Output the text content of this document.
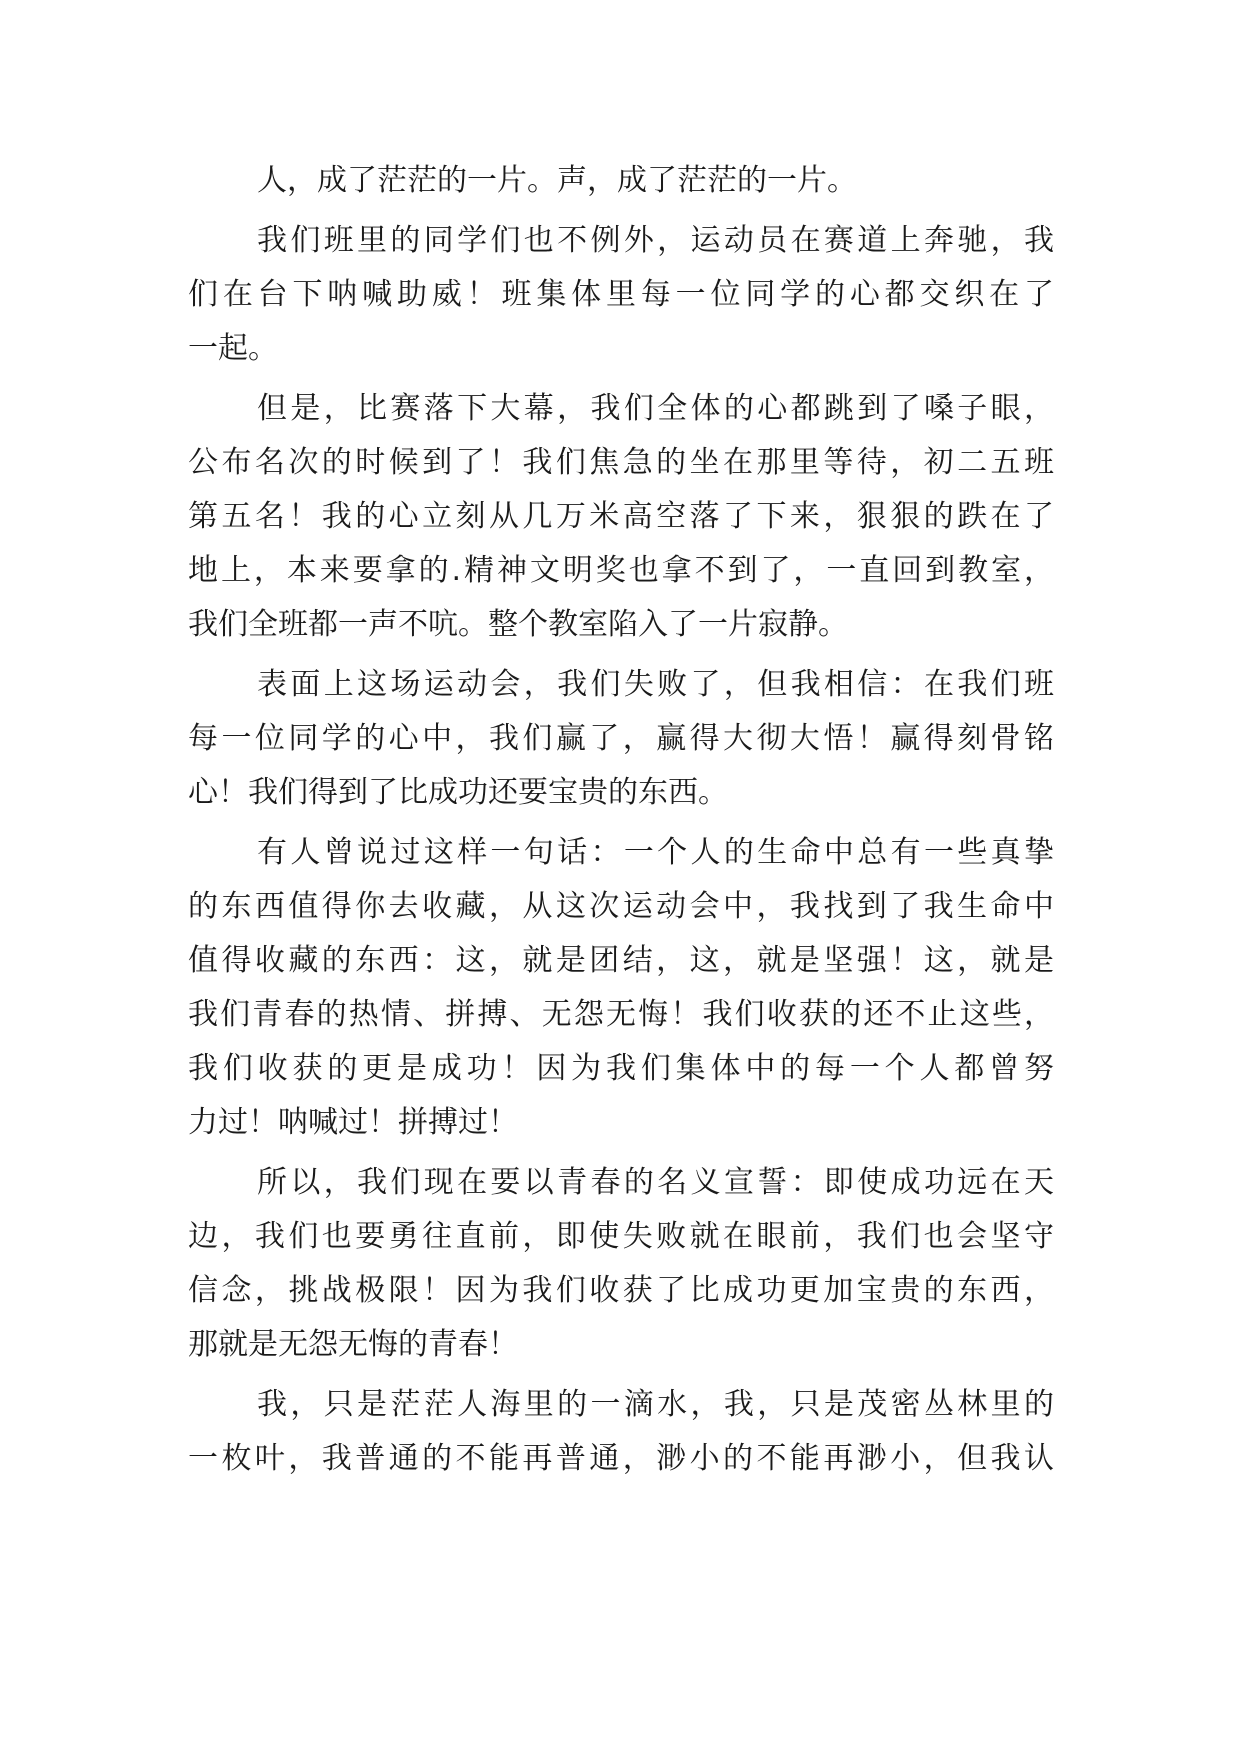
人，成了茫茫的一片。声，成了茫茫的一片。
我们班里的同学们也不例外，运动员在赛道上奔驰，我
们在台下呐喊助威！班集体里每一位同学的心都交织在了
一起。
但是，比赛落下大幕，我们全体的心都跳到了嗓子眼，
公布名次的时候到了！我们焦急的坐在那里等待，初二五班
第五名！我的心立刻从几万米高空落了下来，狠狠的跌在了
地上，本来要拿的.精神文明奖也拿不到了，一直回到教室，
我们全班都一声不吭。整个教室陷入了一片寂静。
表面上这场运动会，我们失败了，但我相信：在我们班
每一位同学的心中，我们赢了，赢得大彻大悟！赢得刻骨铭
心！我们得到了比成功还要宝贵的东西。
有人曾说过这样一句话：一个人的生命中总有一些真挚
的东西值得你去收藏，从这次运动会中，我找到了我生命中
值得收藏的东西：这，就是团结，这，就是坚强！这，就是
我们青春的热情、拼搏、无怨无悔！我们收获的还不止这些，
我们收获的更是成功！因为我们集体中的每一个人都曾努
力过！呐喊过！拼搏过！
所以，我们现在要以青春的名义宣誓：即使成功远在天
边，我们也要勇往直前，即使失败就在眼前，我们也会坚守
信念，挑战极限！因为我们收获了比成功更加宝贵的东西，
那就是无怨无悔的青春！
我，只是茫茫人海里的一滴水，我，只是茂密丛林里的
一枚叶，我普通的不能再普通，渺小的不能再渺小，但我认
